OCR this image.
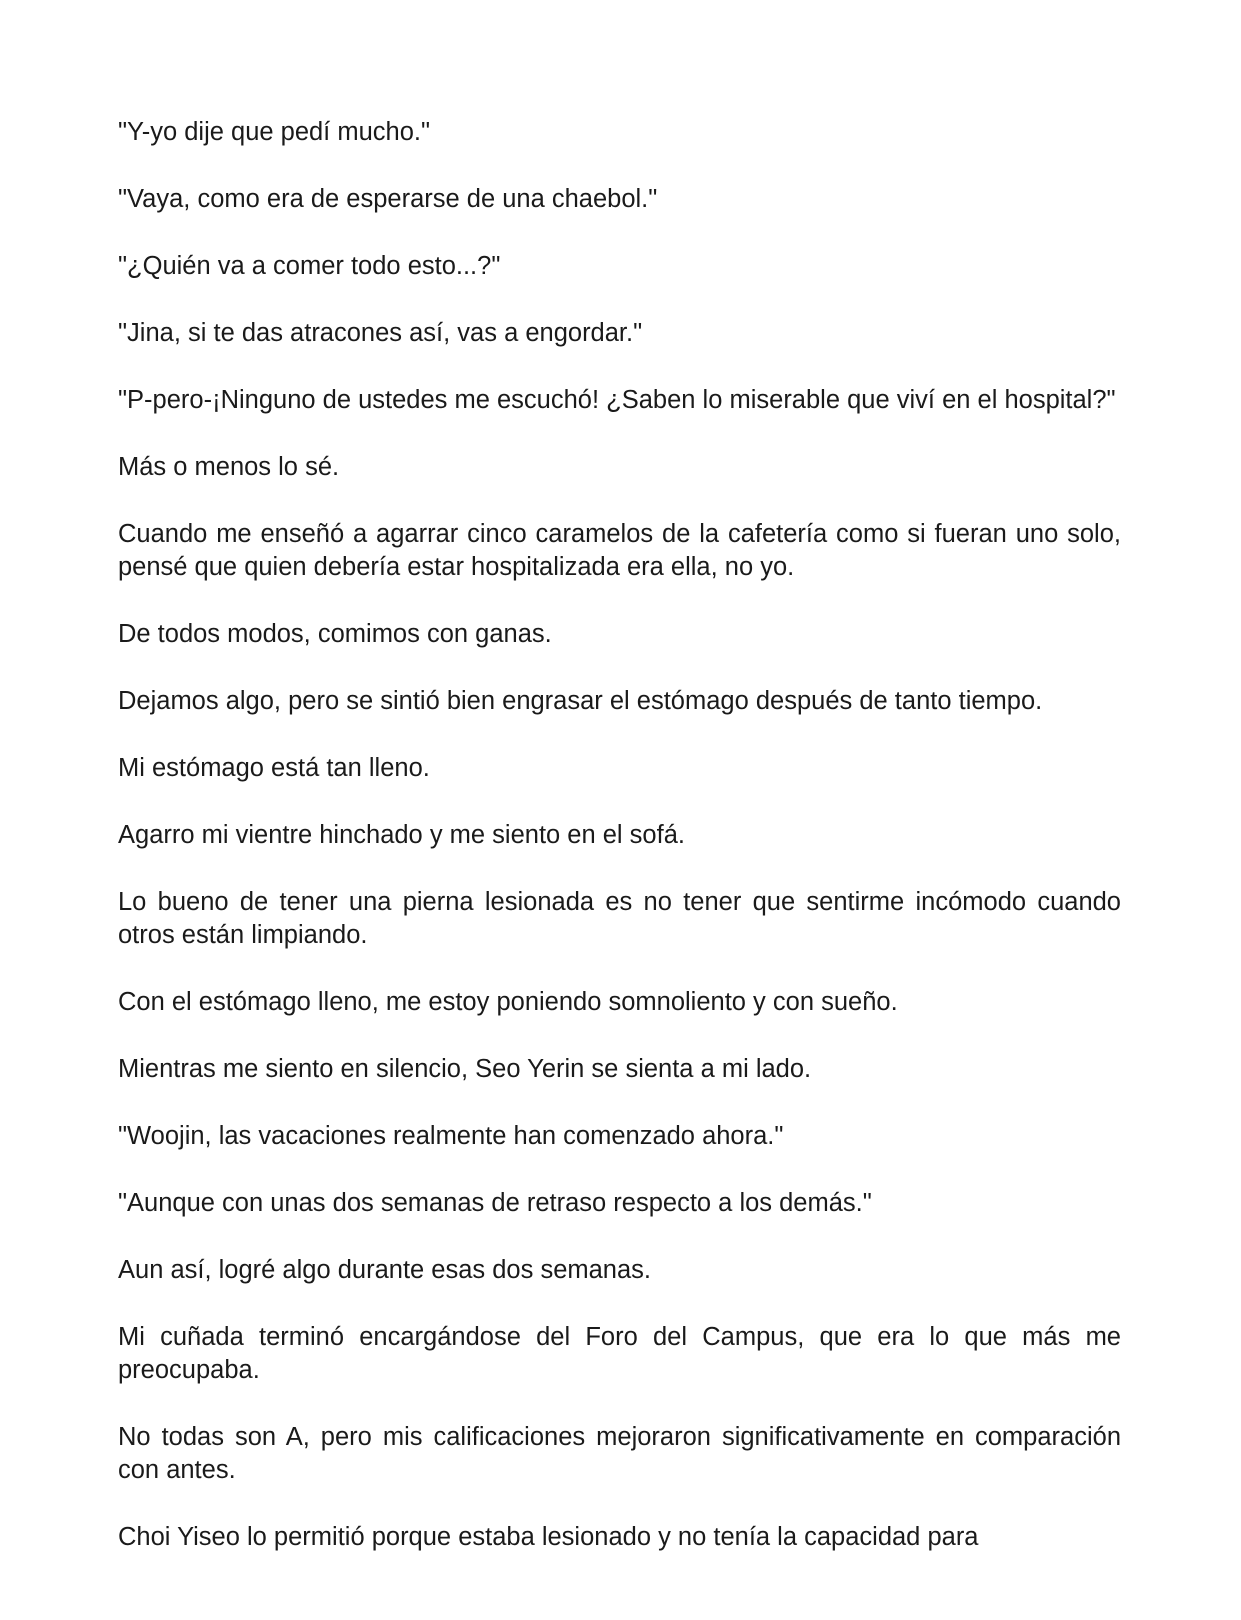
"Y-yo dije que pedí mucho."

"Vaya, como era de esperarse de una chaebol."

"¿Quién va a comer todo esto...?"

"Jina, si te das atracones así, vas a engordar."

"P-pero-¡Ninguno de ustedes me escuchó! ¿Saben lo miserable que viví en el hospital?"

Más o menos lo sé.

Cuando me enseñó a agarrar cinco caramelos de la cafetería como si fueran uno solo, pensé que quien debería estar hospitalizada era ella, no yo.

De todos modos, comimos con ganas.

Dejamos algo, pero se sintió bien engrasar el estómago después de tanto tiempo.

Mi estómago está tan lleno.

Agarro mi vientre hinchado y me siento en el sofá.

Lo bueno de tener una pierna lesionada es no tener que sentirme incómodo cuando otros están limpiando.

Con el estómago lleno, me estoy poniendo somnoliento y con sueño.

Mientras me siento en silencio, Seo Yerin se sienta a mi lado.

"Woojin, las vacaciones realmente han comenzado ahora."

"Aunque con unas dos semanas de retraso respecto a los demás."

Aun así, logré algo durante esas dos semanas.

Mi cuñada terminó encargándose del Foro del Campus, que era lo que más me preocupaba.

No todas son A, pero mis calificaciones mejoraron significativamente en comparación con antes.

Choi Yiseo lo permitió porque estaba lesionado y no tenía la capacidad para
